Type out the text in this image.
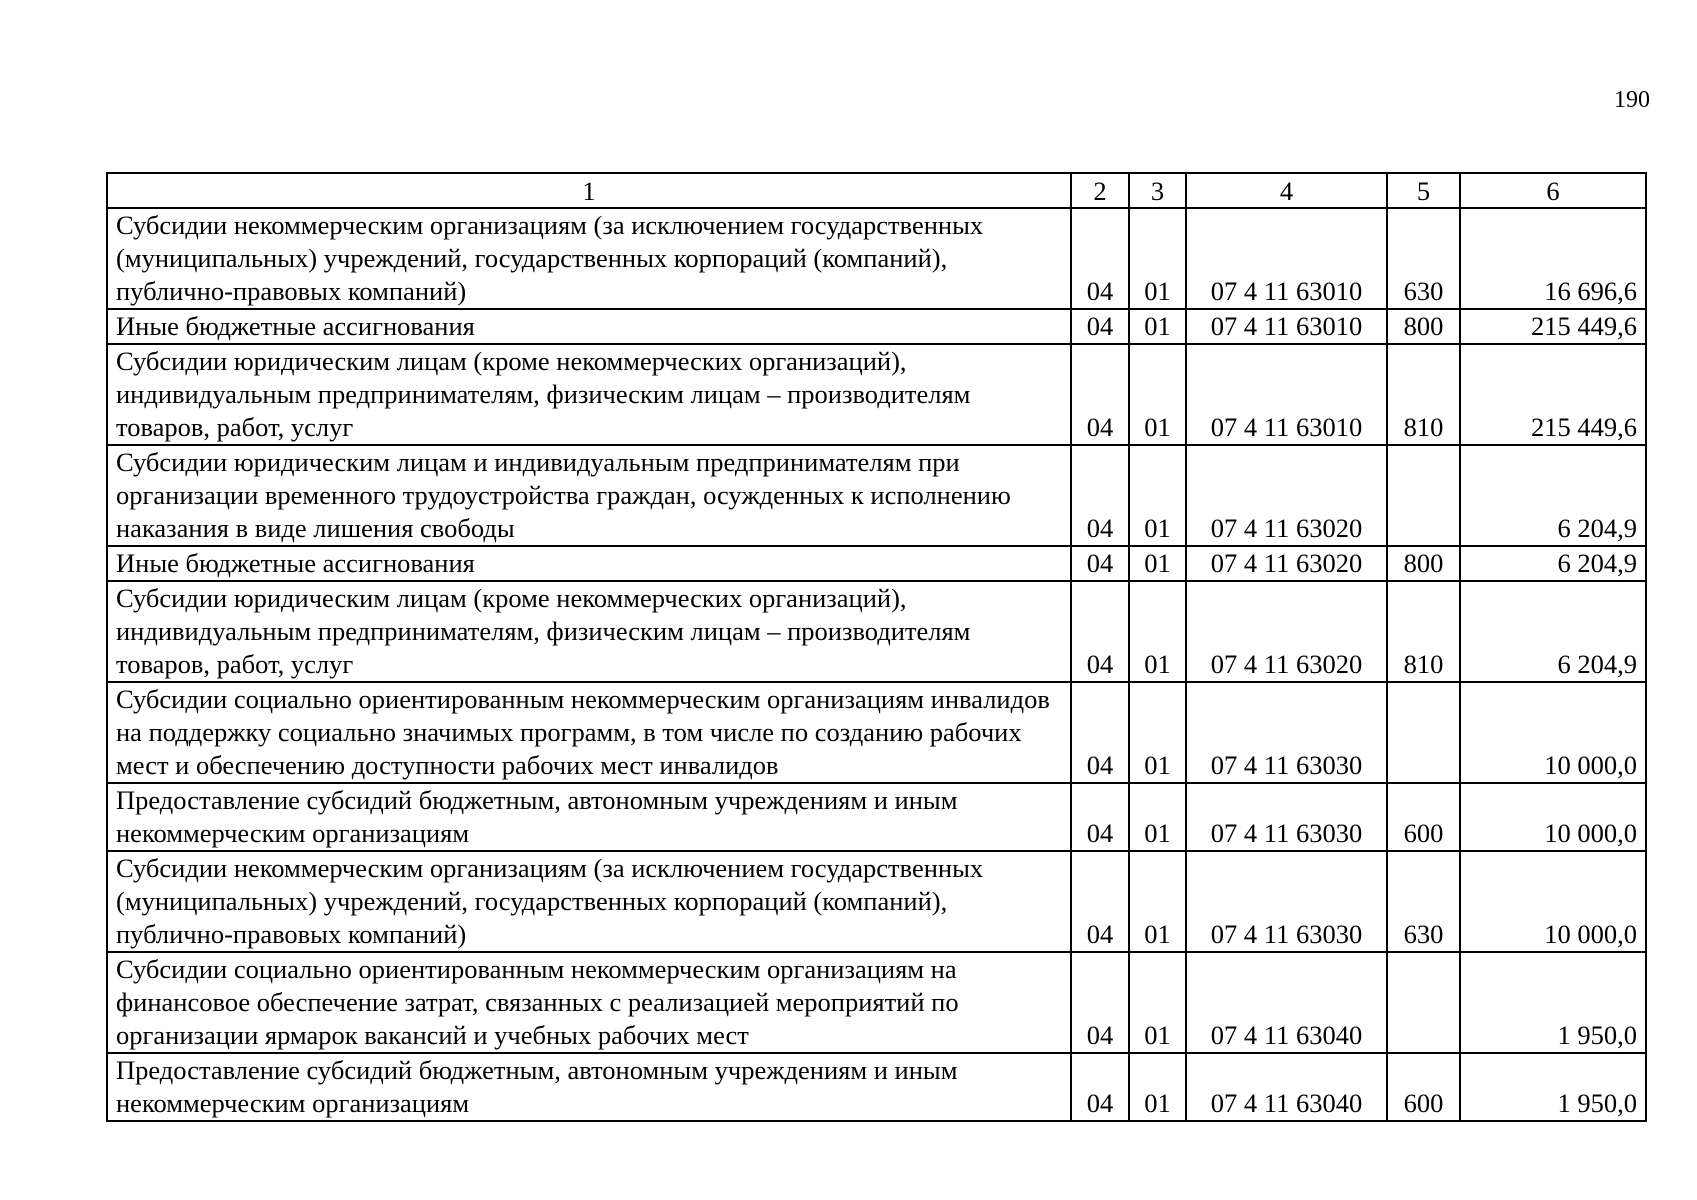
190
1	2	3	4	5	6
Субсидии некоммерческим организациям (за исключением государственных (муниципальных) учреждений, государственных корпораций (компаний), публично-правовых компаний)	04	01	07 4 11 63010	630	16 696,6
Иные бюджетные ассигнования	04	01	07 4 11 63010	800	215 449,6
Субсидии юридическим лицам (кроме некоммерческих организаций), индивидуальным предпринимателям, физическим лицам – производителям товаров, работ, услуг	04	01	07 4 11 63010	810	215 449,6
Субсидии юридическим лицам и индивидуальным предпринимателям при организации временного трудоустройства граждан, осужденных к исполнению наказания в виде лишения свободы	04	01	07 4 11 63020		6 204,9
Иные бюджетные ассигнования	04	01	07 4 11 63020	800	6 204,9
Субсидии юридическим лицам (кроме некоммерческих организаций), индивидуальным предпринимателям, физическим лицам – производителям товаров, работ, услуг	04	01	07 4 11 63020	810	6 204,9
Субсидии социально ориентированным некоммерческим организациям инвалидов на поддержку социально значимых программ, в том числе по созданию рабочих мест и обеспечению доступности рабочих мест инвалидов	04	01	07 4 11 63030		10 000,0
Предоставление субсидий бюджетным, автономным учреждениям и иным некоммерческим организациям	04	01	07 4 11 63030	600	10 000,0
Субсидии некоммерческим организациям (за исключением государственных (муниципальных) учреждений, государственных корпораций (компаний), публично-правовых компаний)	04	01	07 4 11 63030	630	10 000,0
Субсидии социально ориентированным некоммерческим организациям на финансовое обеспечение затрат, связанных с реализацией мероприятий по организации ярмарок вакансий и учебных рабочих мест	04	01	07 4 11 63040		1 950,0
Предоставление субсидий бюджетным, автономным учреждениям и иным некоммерческим организациям	04	01	07 4 11 63040	600	1 950,0
